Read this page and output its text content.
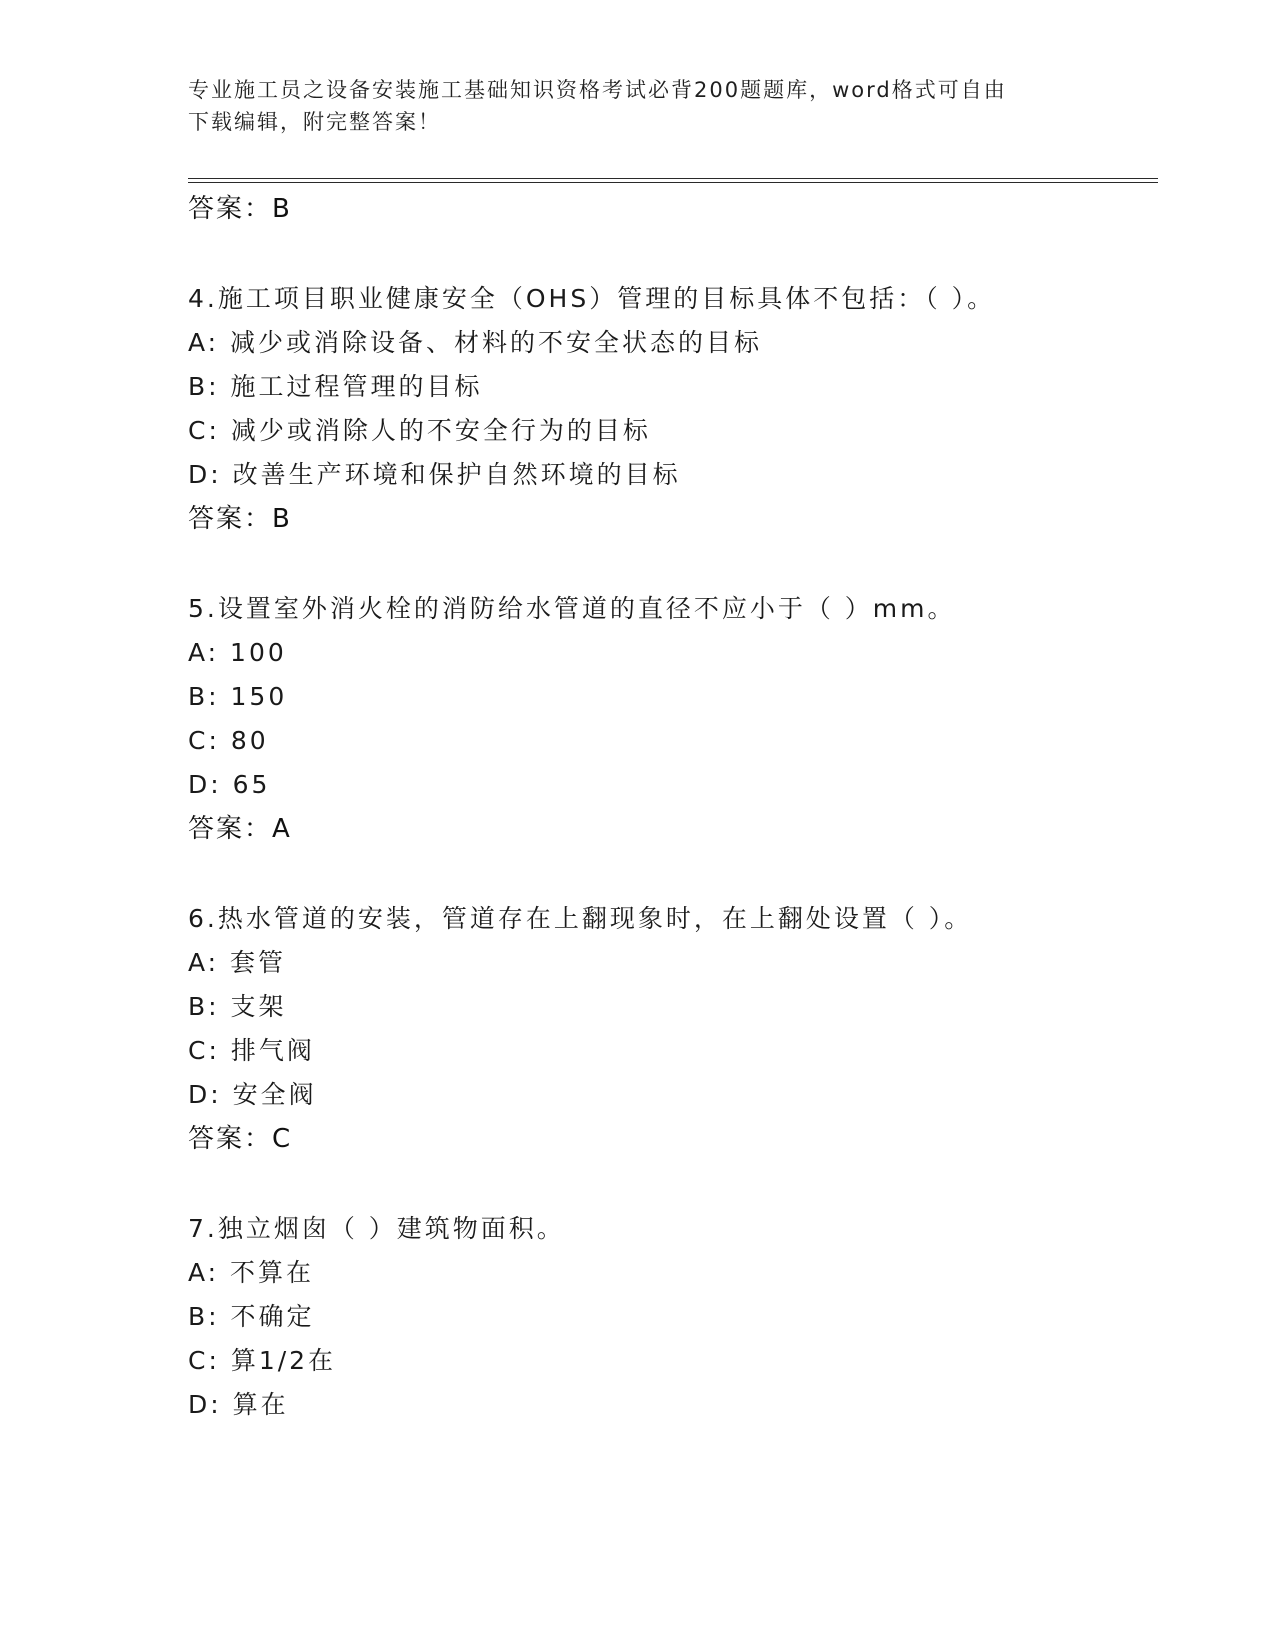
专业施工员之设备安装施工基础知识资格考试必背200题题库，word格式可自由
下载编辑，附完整答案！
答案：B
4.施工项目职业健康安全（OHS）管理的目标具体不包括：（ ）。
A: 减少或消除设备、材料的不安全状态的目标
B: 施工过程管理的目标
C: 减少或消除人的不安全行为的目标
D: 改善生产环境和保护自然环境的目标
答案：B
5.设置室外消火栓的消防给水管道的直径不应小于（ ）mm。
A: 100
B: 150
C: 80
D: 65
答案：A
6.热水管道的安装，管道存在上翻现象时，在上翻处设置（ ）。
A: 套管
B: 支架
C: 排气阀
D: 安全阀
答案：C
7.独立烟囱（ ）建筑物面积。
A: 不算在
B: 不确定
C: 算1/2在
D: 算在
